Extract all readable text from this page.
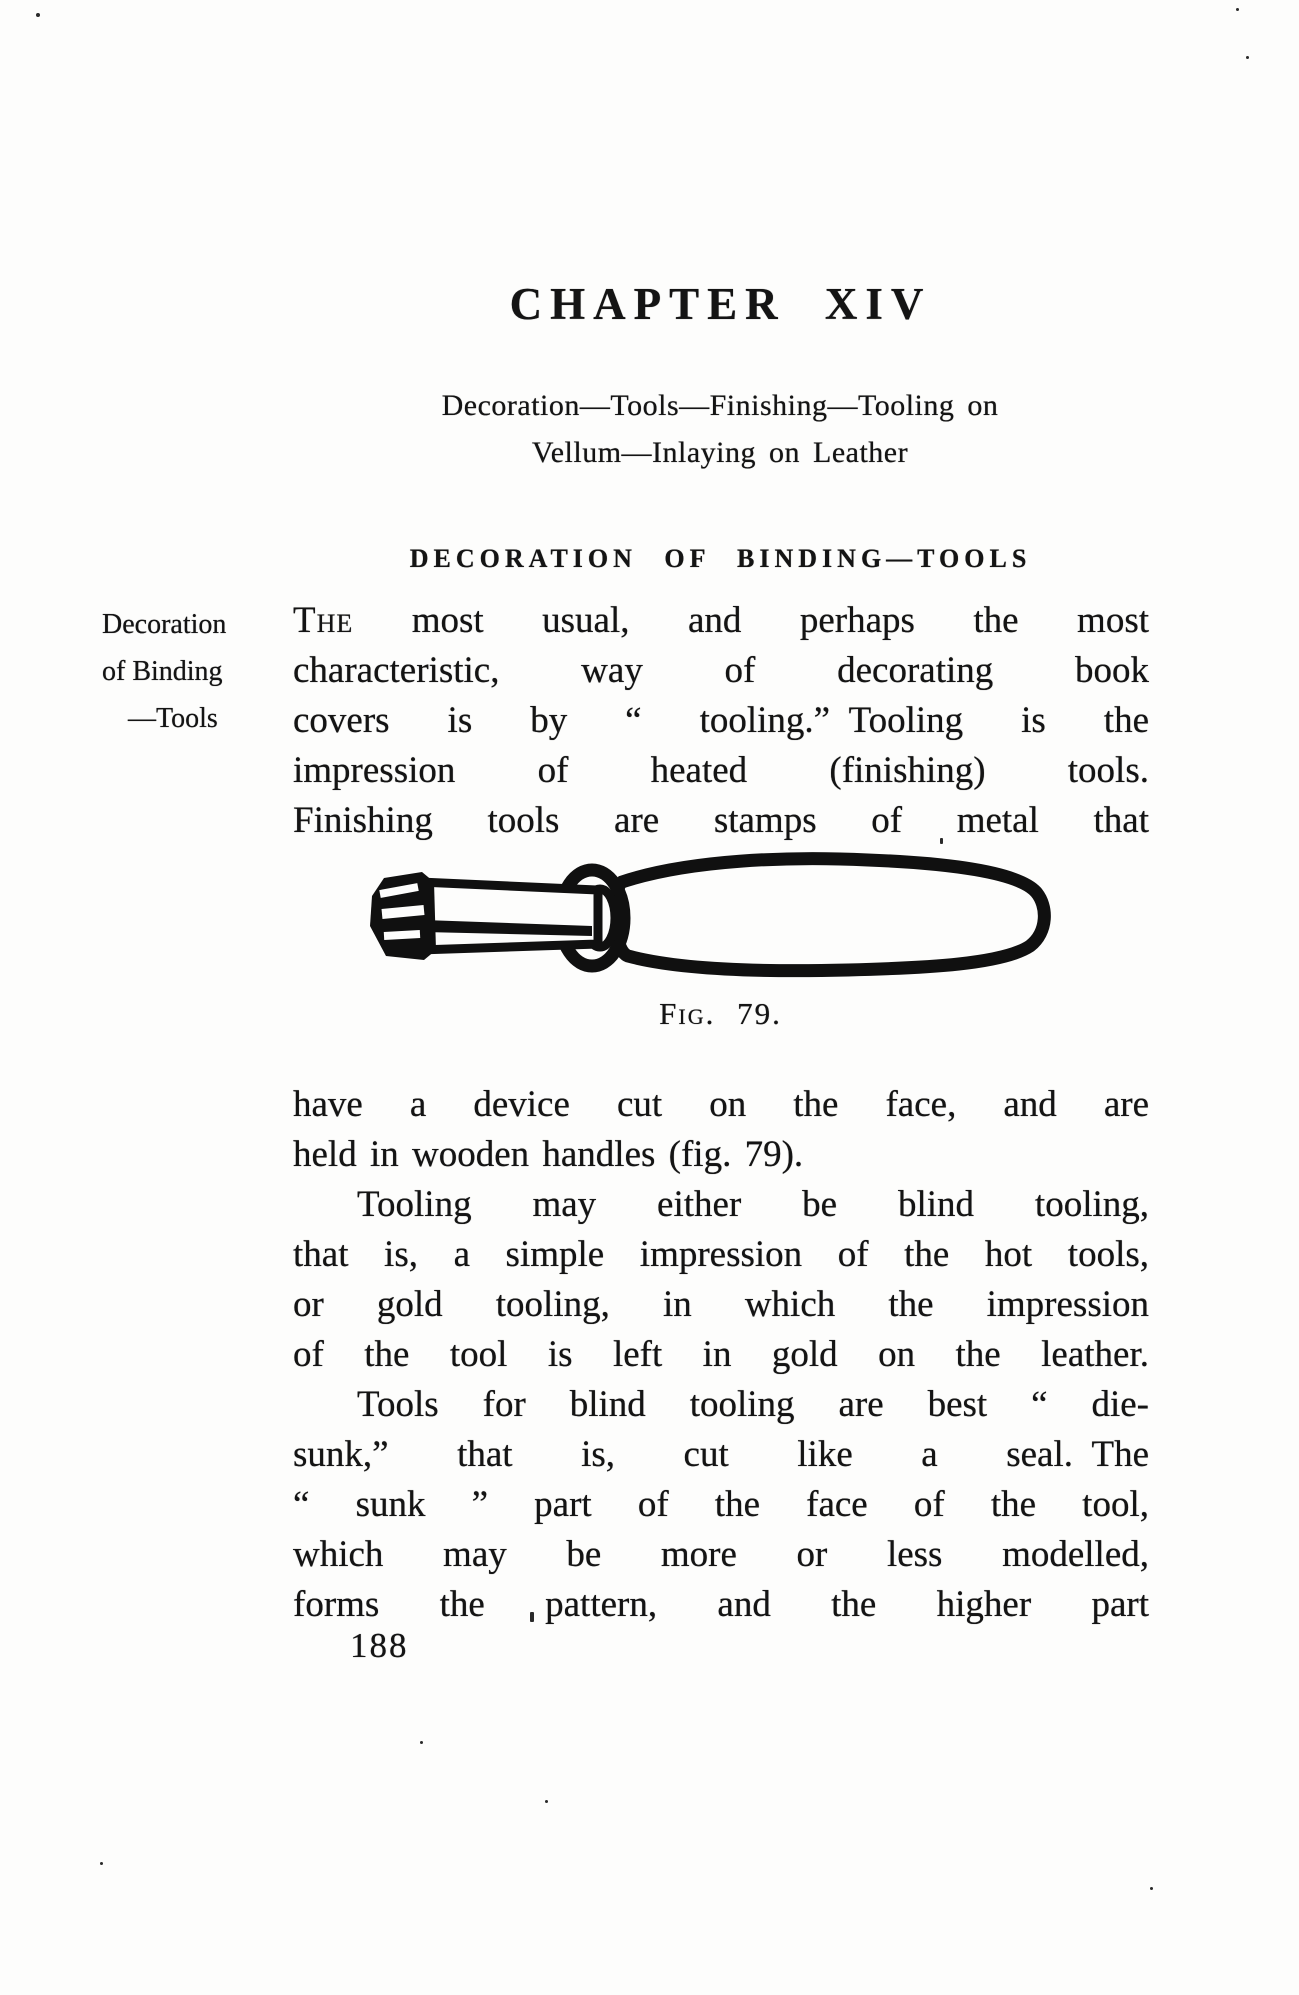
CHAPTER XIV
Decoration—Tools—Finishing—Tooling on
Vellum—Inlaying on Leather
DECORATION OF BINDING—TOOLS
Decoration
of Binding
—Tools
The most usual, and perhaps the most
characteristic, way of decorating book
covers is by “ tooling.” Tooling is the
impression of heated (finishing) tools.
Finishing tools are stamps of metal that
Fig. 79.
have a device cut on the face, and are
held in wooden handles (fig. 79).
Tooling may either be blind tooling,
that is, a simple impression of the hot tools,
or gold tooling, in which the impression
of the tool is left in gold on the leather.
Tools for blind tooling are best “ die-
sunk,” that is, cut like a seal. The
“ sunk ” part of the face of the tool,
which may be more or less modelled,
forms the pattern, and the higher part
188
